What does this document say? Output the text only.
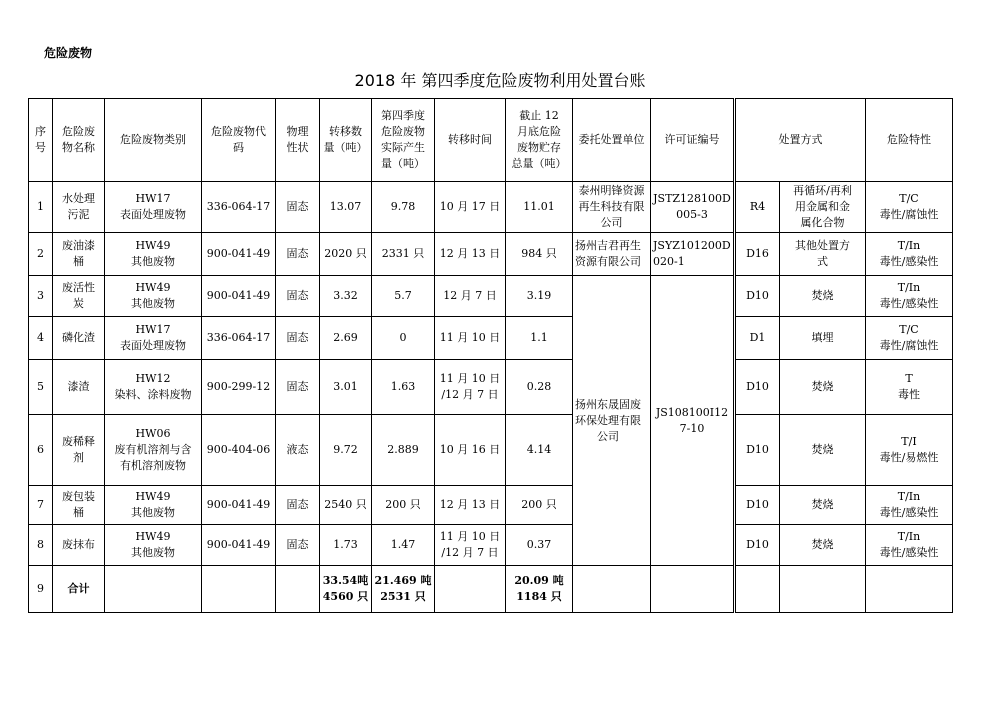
危险废物
2018 年 第四季度危险废物利用处置台账
序
号	危险废
物名称	危险废物类别	危险废物代
码	物理
性状	转移数
量（吨）	第四季度
危险废物
实际产生
量（吨）	转移时间	截止 12
月底危险
废物贮存
总量（吨）	委托处置单位	许可证编号	处置方式		危险特性
1	水处理
污泥	HW17
表面处理废物	336-064-17	固态	13.07	9.78	10 月 17 日	11.01	泰州明锋资源
再生科技有限
公司	JSTZ128100D
005-3	R4	再循环/再利
用金属和金
属化合物	T/C
毒性/腐蚀性

2	废油漆
桶	HW49
其他废物	900-041-49	固态	2020 只	2331 只	12 月 13 日	984 只	扬州吉君再生
资源有限公司	JSYZ101200D
020-1	D16	其他处置方
式	T/In
毒性/感染性

3	废活性
炭	HW49
其他废物	900-041-49	固态	3.32	5.7	12 月 7 日	3.19	扬州东晟固废
环保处理有限
公司	JS108100I12
7-10	D10	焚烧	T/In
毒性/感染性

4	磷化渣	HW17
表面处理废物	336-064-17	固态	2.69	0	11 月 10 日	1.1			D1	填埋	T/C
毒性/腐蚀性

5	漆渣	HW12
染料、涂料废物	900-299-12	固态	3.01	1.63	11 月 10 日
/12 月 7 日	0.28			D10	焚烧	T
毒性

6	废稀释
剂	HW06
废有机溶剂与含
有机溶剂废物	900-404-06	液态	9.72	2.889	10 月 16 日	4.14			D10	焚烧	T/I
毒性/易燃性

7	废包装
桶	HW49
其他废物	900-041-49	固态	2540 只	200 只	12 月 13 日	200 只			D10	焚烧	T/In
毒性/感染性

8	废抹布	HW49
其他废物	900-041-49	固态	1.73	1.47	11 月 10 日
/12 月 7 日	0.37			D10	焚烧	T/In
毒性/感染性

9	合计				33.54吨
4560 只	21.469 吨
2531 只		20.09 吨
1184 只					
